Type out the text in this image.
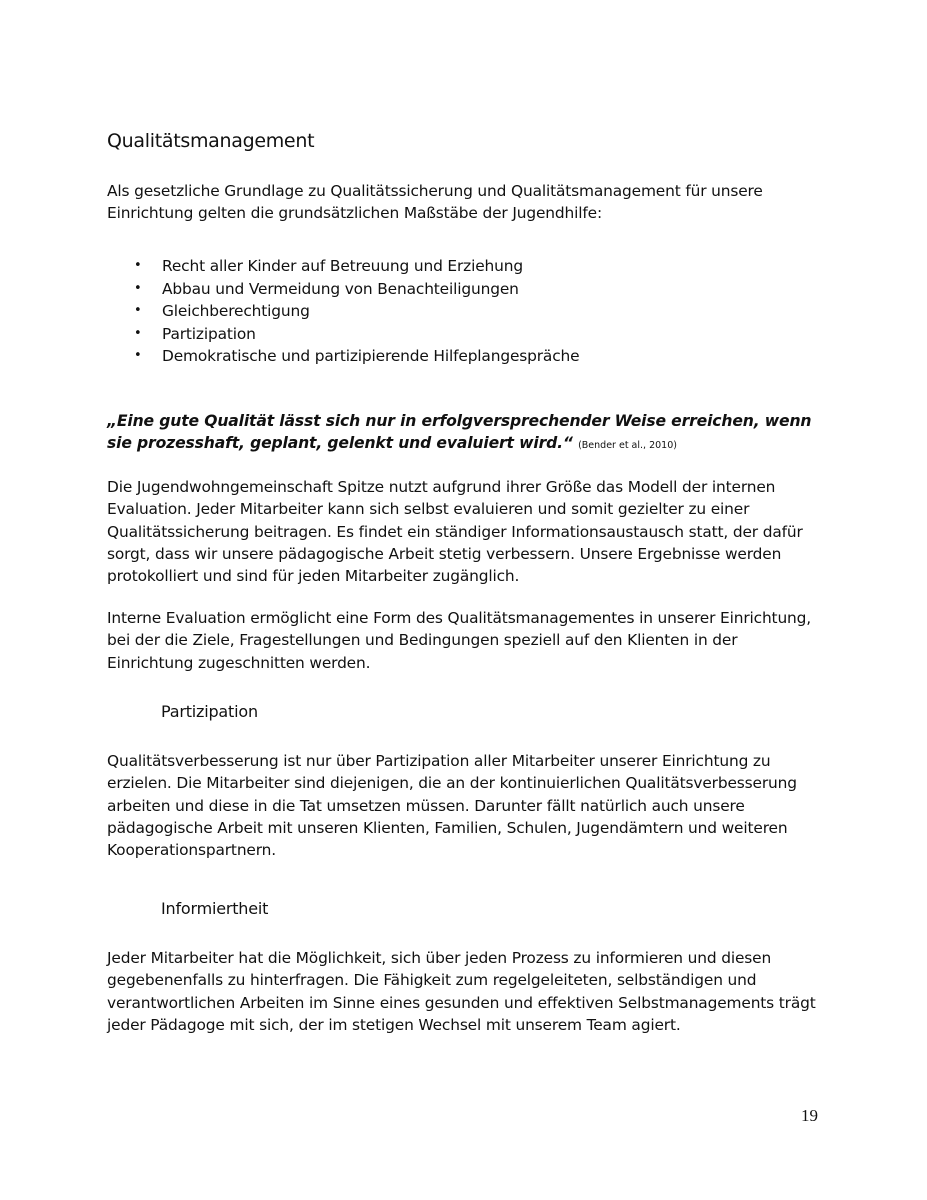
Qualitätsmanagement

Als gesetzliche Grundlage zu Qualitätssicherung und Qualitätsmanagement für unsere Einrichtung gelten die grundsätzlichen Maßstäbe der Jugendhilfe:

• Recht aller Kinder auf Betreuung und Erziehung
• Abbau und Vermeidung von Benachteiligungen
• Gleichberechtigung
• Partizipation
• Demokratische und partizipierende Hilfeplangespräche

„Eine gute Qualität lässt sich nur in erfolgversprechender Weise erreichen, wenn sie prozesshaft, geplant, gelenkt und evaluiert wird.“ (Bender et al., 2010)

Die Jugendwohngemeinschaft Spitze nutzt aufgrund ihrer Größe das Modell der internen Evaluation. Jeder Mitarbeiter kann sich selbst evaluieren und somit gezielter zu einer Qualitätssicherung beitragen. Es findet ein ständiger Informationsaustausch statt, der dafür sorgt, dass wir unsere pädagogische Arbeit stetig verbessern. Unsere Ergebnisse werden protokolliert und sind für jeden Mitarbeiter zugänglich.

Interne Evaluation ermöglicht eine Form des Qualitätsmanagementes in unserer Einrichtung, bei der die Ziele, Fragestellungen und Bedingungen speziell auf den Klienten in der Einrichtung zugeschnitten werden.

Partizipation

Qualitätsverbesserung ist nur über Partizipation aller Mitarbeiter unserer Einrichtung zu erzielen. Die Mitarbeiter sind diejenigen, die an der kontinuierlichen Qualitätsverbesserung arbeiten und diese in die Tat umsetzen müssen. Darunter fällt natürlich auch unsere pädagogische Arbeit mit unseren Klienten, Familien, Schulen, Jugendämtern und weiteren Kooperationspartnern.

Informiertheit

Jeder Mitarbeiter hat die Möglichkeit, sich über jeden Prozess zu informieren und diesen gegebenenfalls zu hinterfragen. Die Fähigkeit zum regelgeleiteten, selbständigen und verantwortlichen Arbeiten im Sinne eines gesunden und effektiven Selbstmanagements trägt jeder Pädagoge mit sich, der im stetigen Wechsel mit unserem Team agiert.

19
